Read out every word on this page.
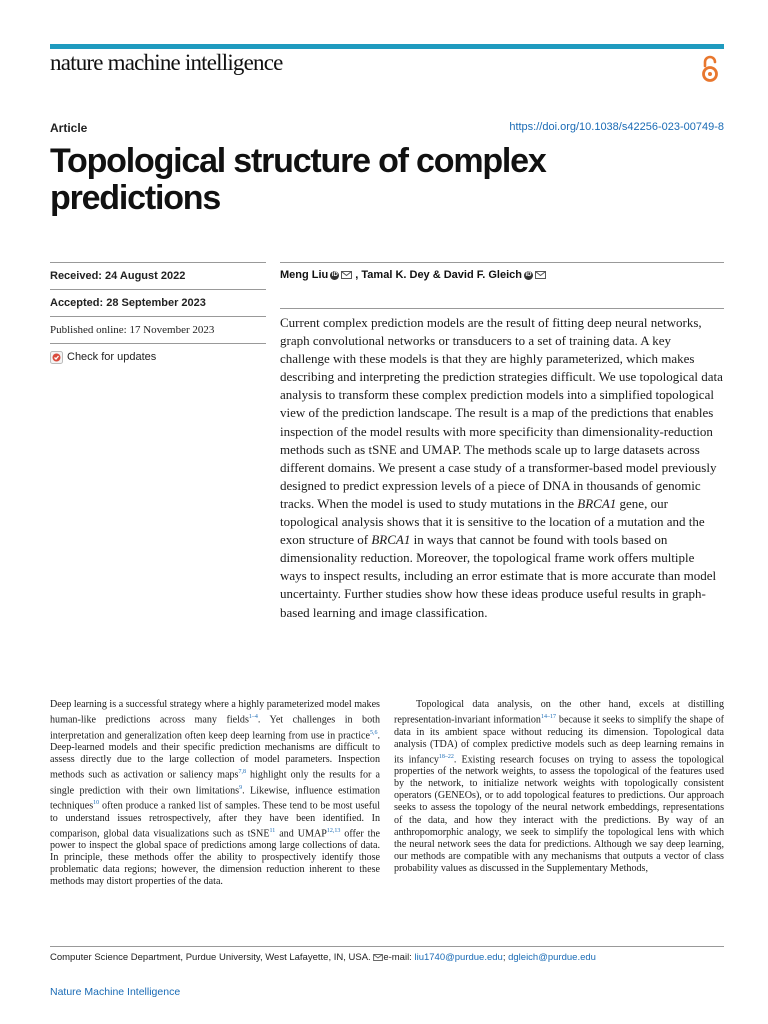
nature machine intelligence
Article	https://doi.org/10.1038/s42256-023-00749-8
Topological structure of complex predictions
Received: 24 August 2022
Accepted: 28 September 2023
Published online: 17 November 2023
Check for updates
Meng Liu iD , Tamal K. Dey & David F. Gleich iD

Current complex prediction models are the result of fitting deep neural networks, graph convolutional networks or transducers to a set of training data. A key challenge with these models is that they are highly parameterized, which makes describing and interpreting the prediction strategies difficult. We use topological data analysis to transform these complex prediction models into a simplified topological view of the prediction landscape. The result is a map of the predictions that enables inspection of the model results with more specificity than dimensionality-reduction methods such as tSNE and UMAP. The methods scale up to large datasets across different domains. We present a case study of a transformer-based model previously designed to predict expression levels of a piece of DNA in thousands of genomic tracks. When the model is used to study mutations in the BRCA1 gene, our topological analysis shows that it is sensitive to the location of a mutation and the exon structure of BRCA1 in ways that cannot be found with tools based on dimensionality reduction. Moreover, the topological frame work offers multiple ways to inspect results, including an error estimate that is more accurate than model uncertainty. Further studies show how these ideas produce useful results in graph-based learning and image classification.

Deep learning is a successful strategy where a highly parameterized model makes human-like predictions across many fields$^{1-4}$. Yet challenges in both interpretation and generalization often keep deep learning from use in practice$^{5,6}$. Deep-learned models and their specific prediction mechanisms are difficult to assess directly due to the large collection of model parameters. Inspection methods such as activation or saliency maps$^{7,8}$ highlight only the results for a single prediction with their own limitations$^9$. Likewise, influence estimation techniques$^{10}$ often produce a ranked list of samples. These tend to be most useful to understand issues retrospectively, after they have been identified. In comparison, global data visualizations such as tSNE$^{11}$ and UMAP$^{12,13}$ offer the power to inspect the global space of predictions among large collections of data. In principle, these methods offer the ability to prospectively identify those problematic data regions; however, the dimension reduction inherent to these methods may distort properties of the data.

Topological data analysis, on the other hand, excels at distilling representation-invariant information$^{14-17}$ because it seeks to simplify the shape of data in its ambient space without reducing its dimension. Topological data analysis (TDA) of complex predictive models such as deep learning remains in its infancy$^{18-22}$. Existing research focuses on trying to assess the topological properties of the network weights, to assess the topological of the features used by the network, to initialize network weights with topologically consistent operators (GENEOs), or to add topological features to predictions. Our approach seeks to assess the topology of the neural network embeddings, representations of the data, and how they interact with the predictions. By way of an anthropomorphic analogy, we seek to simplify the topological lens with which the neural network sees the data for predictions. Although we say deep learning, our methods are compatible with any mechanisms that outputs a vector of class probability values as discussed in the Supplementary Methods,

Computer Science Department, Purdue University, West Lafayette, IN, USA. e-mail: liu1740@purdue.edu; dgleich@purdue.edu
Nature Machine Intelligence
